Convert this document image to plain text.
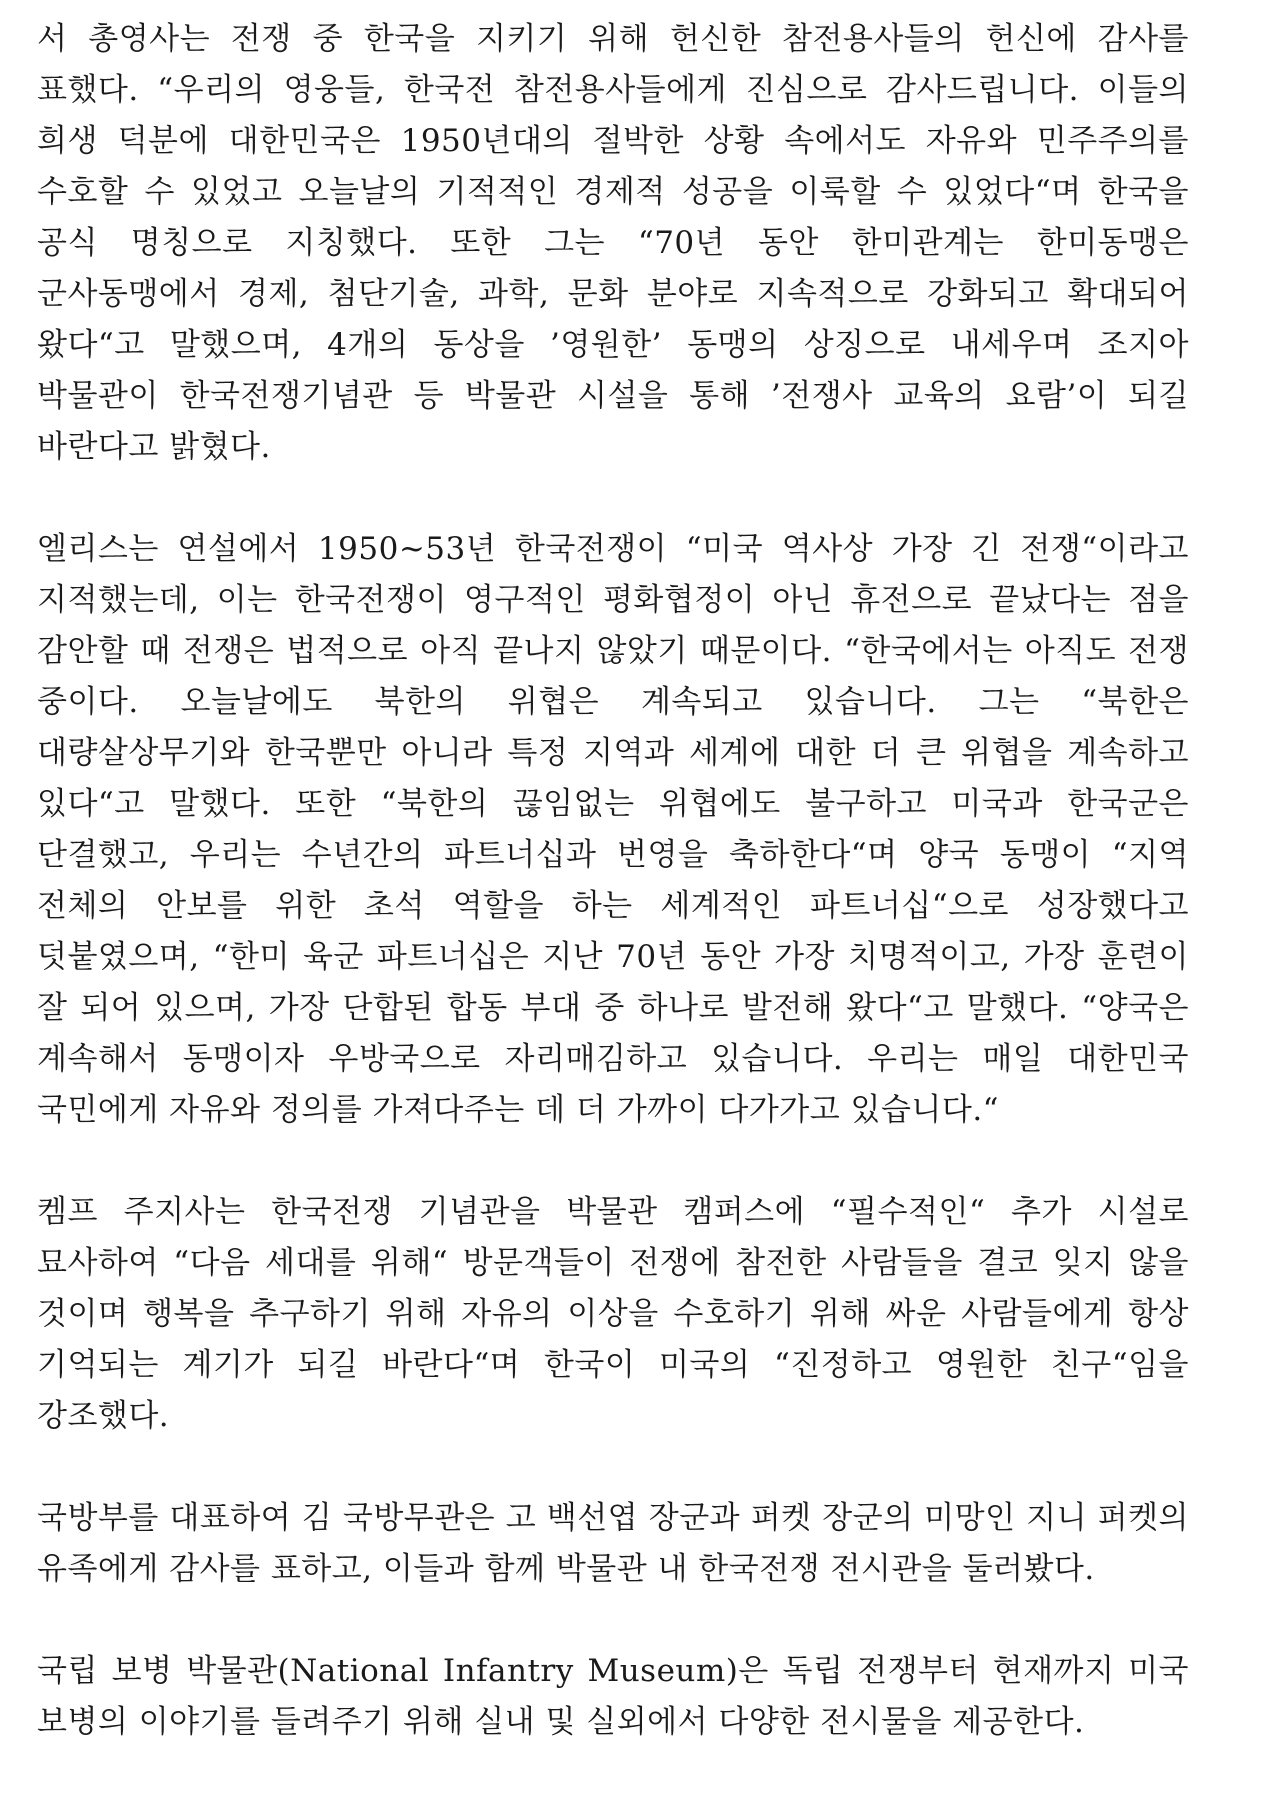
서 총영사는 전쟁 중 한국을 지키기 위해 헌신한 참전용사들의 헌신에 감사를 표했다. “우리의 영웅들, 한국전 참전용사들에게 진심으로 감사드립니다. 이들의 희생 덕분에 대한민국은 1950년대의 절박한 상황 속에서도 자유와 민주주의를 수호할 수 있었고 오늘날의 기적적인 경제적 성공을 이룩할 수 있었다“며 한국을 공식 명칭으로 지칭했다. 또한 그는 “70년 동안 한미관계는 한미동맹은 군사동맹에서 경제, 첨단기술, 과학, 문화 분야로 지속적으로 강화되고 확대되어 왔다“고 말했으며, 4개의 동상을 ’영원한’ 동맹의 상징으로 내세우며 조지아 박물관이 한국전쟁기념관 등 박물관 시설을 통해 ’전쟁사 교육의 요람’이 되길 바란다고 밝혔다.

엘리스는 연설에서 1950~53년 한국전쟁이 “미국 역사상 가장 긴 전쟁“이라고 지적했는데, 이는 한국전쟁이 영구적인 평화협정이 아닌 휴전으로 끝났다는 점을 감안할 때 전쟁은 법적으로 아직 끝나지 않았기 때문이다. “한국에서는 아직도 전쟁 중이다. 오늘날에도 북한의 위협은 계속되고 있습니다. 그는 “북한은 대량살상무기와 한국뿐만 아니라 특정 지역과 세계에 대한 더 큰 위협을 계속하고 있다“고 말했다. 또한 “북한의 끊임없는 위협에도 불구하고 미국과 한국군은 단결했고, 우리는 수년간의 파트너십과 번영을 축하한다“며 양국 동맹이 “지역 전체의 안보를 위한 초석 역할을 하는 세계적인 파트너십“으로 성장했다고 덧붙였으며, “한미 육군 파트너십은 지난 70년 동안 가장 치명적이고, 가장 훈련이 잘 되어 있으며, 가장 단합된 합동 부대 중 하나로 발전해 왔다“고 말했다. “양국은 계속해서 동맹이자 우방국으로 자리매김하고 있습니다. 우리는 매일 대한민국 국민에게 자유와 정의를 가져다주는 데 더 가까이 다가가고 있습니다.“

켐프 주지사는 한국전쟁 기념관을 박물관 캠퍼스에 “필수적인“ 추가 시설로 묘사하여 “다음 세대를 위해“ 방문객들이 전쟁에 참전한 사람들을 결코 잊지 않을 것이며 행복을 추구하기 위해 자유의 이상을 수호하기 위해 싸운 사람들에게 항상 기억되는 계기가 되길 바란다“며 한국이 미국의 “진정하고 영원한 친구“임을 강조했다.

국방부를 대표하여 김 국방무관은 고 백선엽 장군과 퍼켓 장군의 미망인 지니 퍼켓의 유족에게 감사를 표하고, 이들과 함께 박물관 내 한국전쟁 전시관을 둘러봤다.

국립 보병 박물관(National Infantry Museum)은 독립 전쟁부터 현재까지 미국 보병의 이야기를 들려주기 위해 실내 및 실외에서 다양한 전시물을 제공한다.
